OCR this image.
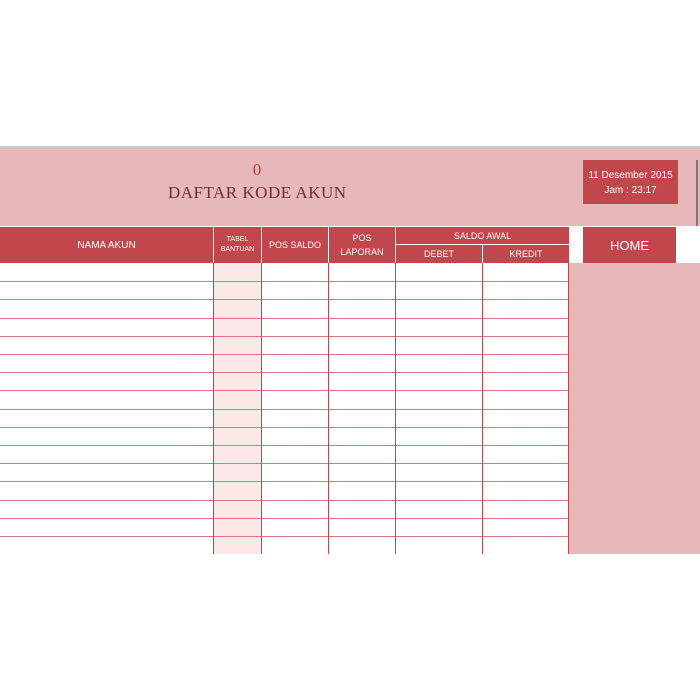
0
DAFTAR KODE AKUN
11 Desember 2015
Jam : 23:17
NAMA AKUN	TABEL
BANTUAN POS SALDO
POS
LAPORAN
SALDO AWAL
DEBET	KREDIT
HOME
